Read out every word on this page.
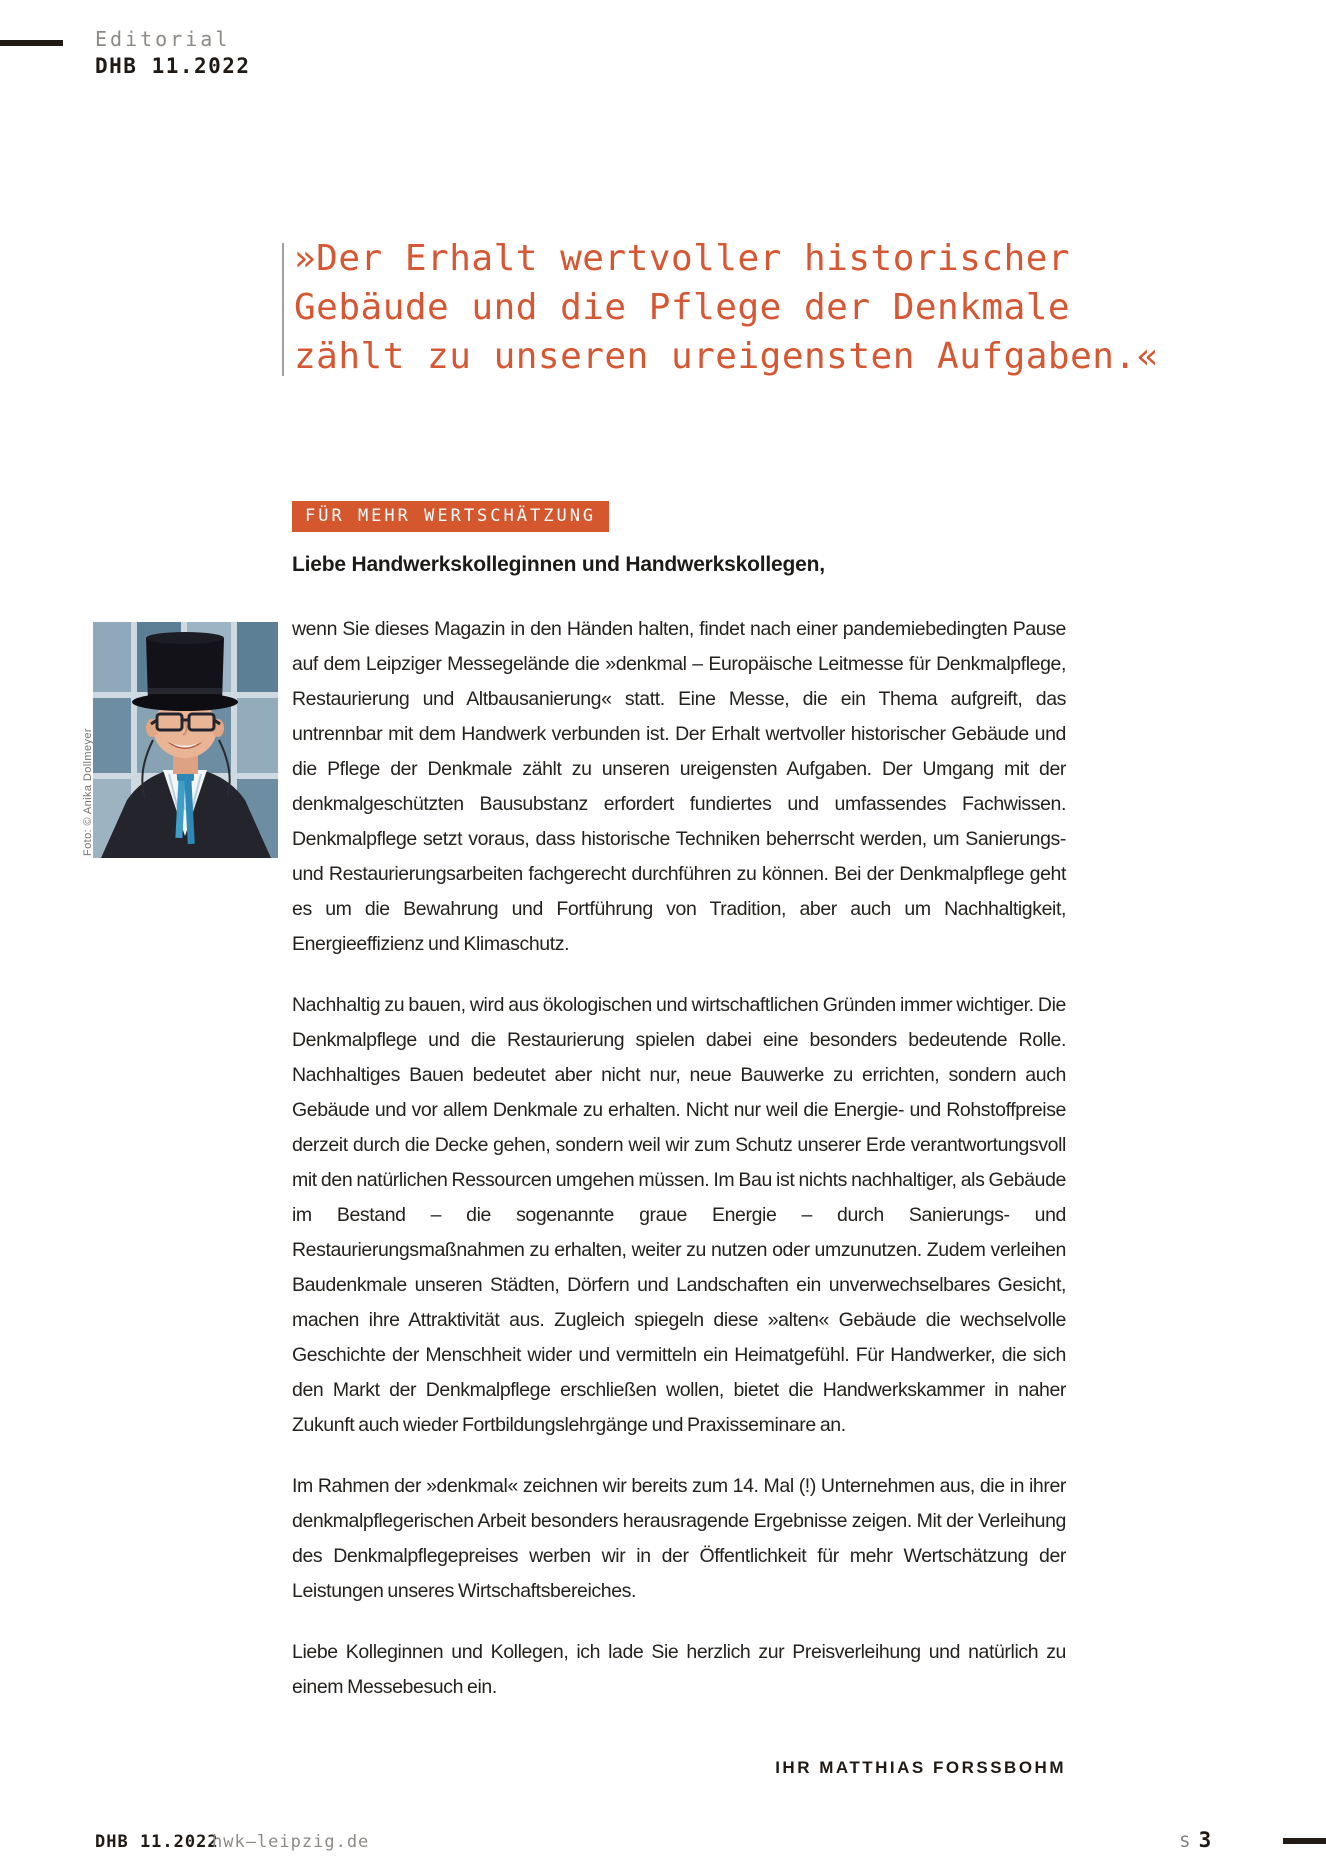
Editorial
DHB 11.2022
»Der Erhalt wertvoller historischer
Gebäude und die Pflege der Denkmale
zählt zu unseren ureigensten Aufgaben.«
FÜR MEHR WERTSCHÄTZUNG
Liebe Handwerkskolleginnen und Handwerkskollegen,
Foto: © Anika Dollmeyer

wenn Sie dieses Magazin in den Händen halten, findet nach einer pandemiebedingten Pause auf dem Leipziger Messegelände die »denkmal – Europäische Leitmesse für Denkmalpflege, Restaurierung und Altbausanierung« statt. Eine Messe, die ein Thema aufgreift, das untrennbar mit dem Handwerk verbunden ist. Der Erhalt wertvoller historischer Gebäude und die Pflege der Denkmale zählt zu unseren ureigensten Aufgaben. Der Umgang mit der denkmalgeschützten Bausubstanz erfordert fundiertes und umfassendes Fachwissen. Denkmalpflege setzt voraus, dass historische Techniken beherrscht werden, um Sanierungs- und Restaurierungsarbeiten fachgerecht durchführen zu können. Bei der Denkmalpflege geht es um die Bewahrung und Fortführung von Tradition, aber auch um Nachhaltigkeit, Energieeffizienz und Klimaschutz.

Nachhaltig zu bauen, wird aus ökologischen und wirtschaftlichen Gründen immer wichtiger. Die Denkmalpflege und die Restaurierung spielen dabei eine besonders bedeutende Rolle. Nachhaltiges Bauen bedeutet aber nicht nur, neue Bauwerke zu errichten, sondern auch Gebäude und vor allem Denkmale zu erhalten. Nicht nur weil die Energie- und Rohstoffpreise derzeit durch die Decke gehen, sondern weil wir zum Schutz unserer Erde verantwortungsvoll mit den natürlichen Ressourcen umgehen müssen. Im Bau ist nichts nachhaltiger, als Gebäude im Bestand – die sogenannte graue Energie – durch Sanierungs- und Restaurierungsmaßnahmen zu erhalten, weiter zu nutzen oder umzunutzen. Zudem verleihen Baudenkmale unseren Städten, Dörfern und Landschaften ein unverwechselbares Gesicht, machen ihre Attraktivität aus. Zugleich spiegeln diese »alten« Gebäude die wechselvolle Geschichte der Menschheit wider und vermitteln ein Heimatgefühl. Für Handwerker, die sich den Markt der Denkmalpflege erschließen wollen, bietet die Handwerkskammer in naher Zukunft auch wieder Fortbildungslehrgänge und Praxisseminare an.

Im Rahmen der »denkmal« zeichnen wir bereits zum 14. Mal (!) Unternehmen aus, die in ihrer denkmalpflegerischen Arbeit besonders herausragende Ergebnisse zeigen. Mit der Verleihung des Denkmalpflegepreises werben wir in der Öffentlichkeit für mehr Wertschätzung der Leistungen unseres Wirtschaftsbereiches.

Liebe Kolleginnen und Kollegen, ich lade Sie herzlich zur Preisverleihung und natürlich zu einem Messebesuch ein.

IHR MATTHIAS FORSSBOHM
DHB 11.2022
hwk–leipzig.de	S 3
